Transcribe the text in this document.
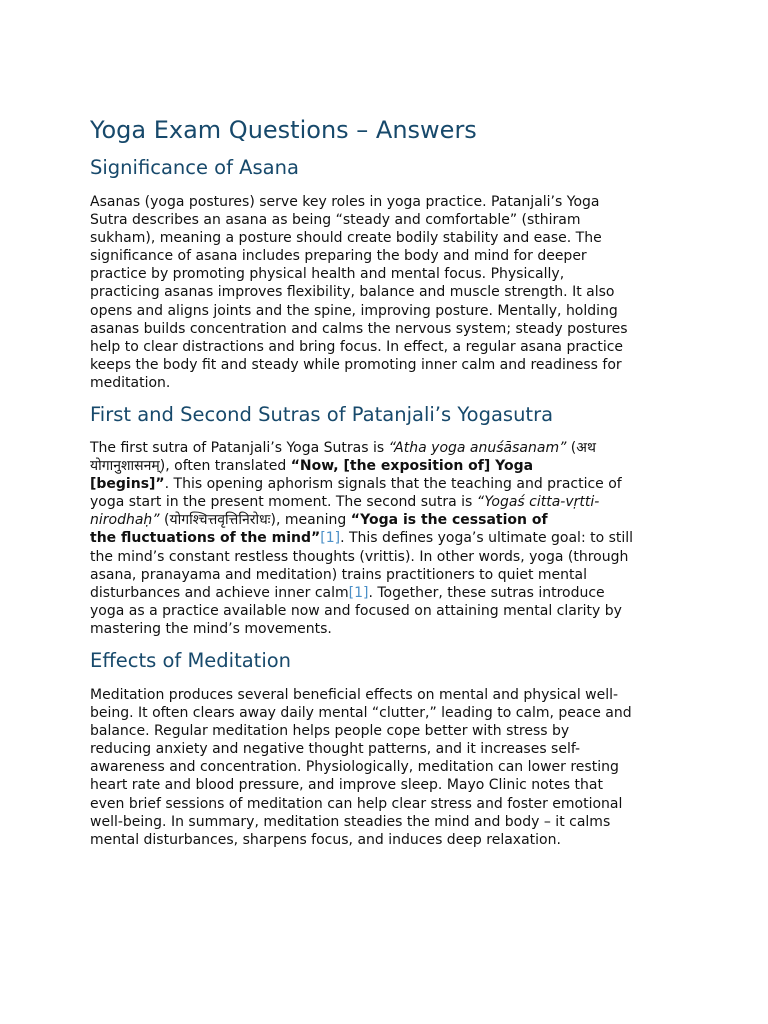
Yoga Exam Questions – Answers
Significance of Asana

Asanas (yoga postures) serve key roles in yoga practice. Patanjali’s Yoga
Sutra describes an asana as being “steady and comfortable” (sthiram
sukham), meaning a posture should create bodily stability and ease. The
significance of asana includes preparing the body and mind for deeper
practice by promoting physical health and mental focus. Physically,
practicing asanas improves flexibility, balance and muscle strength. It also
opens and aligns joints and the spine, improving posture. Mentally, holding
asanas builds concentration and calms the nervous system; steady postures
help to clear distractions and bring focus. In effect, a regular asana practice
keeps the body fit and steady while promoting inner calm and readiness for
meditation.

First and Second Sutras of Patanjali’s Yogasutra

The first sutra of Patanjali’s Yoga Sutras is “Atha yoga anuśāsanam” (अथ
योगानुशासनम्), often translated “Now, [the exposition of] Yoga
[begins]”. This opening aphorism signals that the teaching and practice of
yoga start in the present moment. The second sutra is “Yogaś citta-vṛtti-
nirodhaḥ” (योगश्चित्तवृत्तिनिरोधः), meaning “Yoga is the cessation of
the fluctuations of the mind”[1]. This defines yoga’s ultimate goal: to still
the mind’s constant restless thoughts (vrittis). In other words, yoga (through
asana, pranayama and meditation) trains practitioners to quiet mental
disturbances and achieve inner calm[1]. Together, these sutras introduce
yoga as a practice available now and focused on attaining mental clarity by
mastering the mind’s movements.

Effects of Meditation

Meditation produces several beneficial effects on mental and physical well-
being. It often clears away daily mental “clutter,” leading to calm, peace and
balance. Regular meditation helps people cope better with stress by
reducing anxiety and negative thought patterns, and it increases self-
awareness and concentration. Physiologically, meditation can lower resting
heart rate and blood pressure, and improve sleep. Mayo Clinic notes that
even brief sessions of meditation can help clear stress and foster emotional
well-being. In summary, meditation steadies the mind and body – it calms
mental disturbances, sharpens focus, and induces deep relaxation.
